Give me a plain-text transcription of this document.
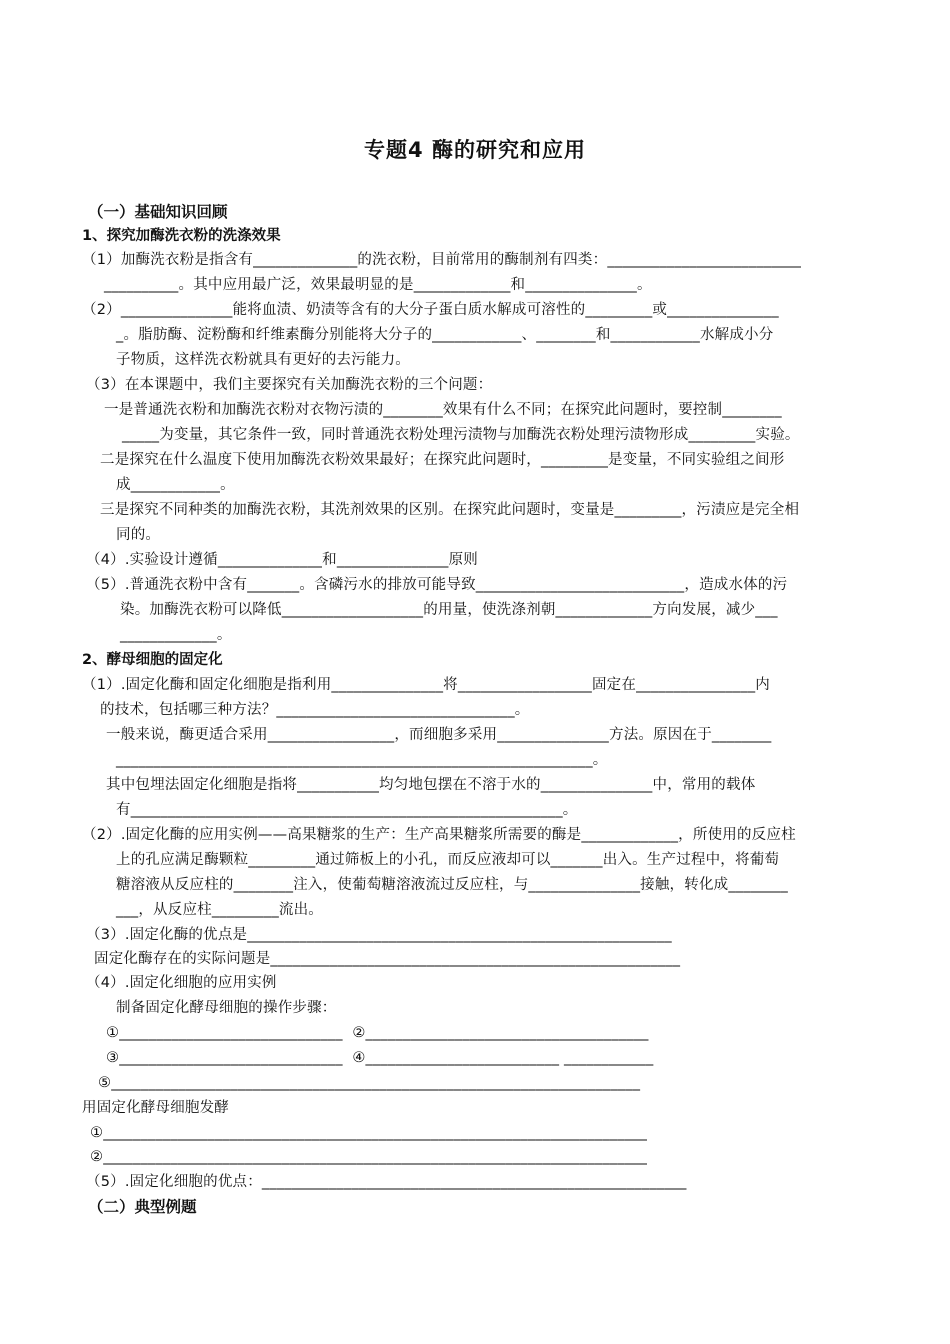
专题4 酶的研究和应用
（一）基础知识回顾
1、探究加酶洗衣粉的洗涤效果
（1）加酶洗衣粉是指含有______________的洗衣粉，目前常用的酶制剂有四类：__________________________
__________。其中应用最广泛，效果最明显的是_____________和_______________。
（2）_______________能将血渍、奶渍等含有的大分子蛋白质水解成可溶性的_________或_______________
_。脂肪酶、淀粉酶和纤维素酶分别能将大分子的____________、________和____________水解成小分
子物质，这样洗衣粉就具有更好的去污能力。
（3）在本课题中，我们主要探究有关加酶洗衣粉的三个问题：
一是普通洗衣粉和加酶洗衣粉对衣物污渍的________效果有什么不同；在探究此问题时，要控制________
_____为变量，其它条件一致，同时普通洗衣粉处理污渍物与加酶洗衣粉处理污渍物形成_________实验。
二是探究在什么温度下使用加酶洗衣粉效果最好；在探究此问题时，_________是变量，不同实验组之间形
成____________。
三是探究不同种类的加酶洗衣粉，其洗剂效果的区别。在探究此问题时，变量是_________，污渍应是完全相
同的。
（4）.实验设计遵循______________和_______________原则
（5）.普通洗衣粉中含有_______。含磷污水的排放可能导致____________________________，造成水体的污
染。加酶洗衣粉可以降低___________________的用量，使洗涤剂朝_____________方向发展，减少___
_____________。
2、酵母细胞的固定化
（1）.固定化酶和固定化细胞是指利用_______________将__________________固定在________________内
的技术，包括哪三种方法？________________________________。
一般来说，酶更适合采用_________________，而细胞多采用_______________方法。原因在于________
________________________________________________________________。
其中包埋法固定化细胞是指将___________均匀地包摆在不溶于水的_______________中，常用的载体
有__________________________________________________________。
（2）.固定化酶的应用实例——高果糖浆的生产：生产高果糖浆所需要的酶是_____________，所使用的反应柱
上的孔应满足酶颗粒_________通过筛板上的小孔，而反应液却可以_______出入。生产过程中，将葡萄
糖溶液从反应柱的________注入，使葡萄糖溶液流过反应柱，与_______________接触，转化成________
___，从反应柱_________流出。
（3）.固定化酶的优点是_________________________________________________________
固定化酶存在的实际问题是_______________________________________________________
（4）.固定化细胞的应用实例
制备固定化酵母细胞的操作步骤：
①______________________________  ②______________________________________
③______________________________  ④__________________________ ____________
⑤_______________________________________________________________________
用固定化酵母细胞发酵
①_________________________________________________________________________
②_________________________________________________________________________
（5）.固定化细胞的优点：_________________________________________________________
（二）典型例题
